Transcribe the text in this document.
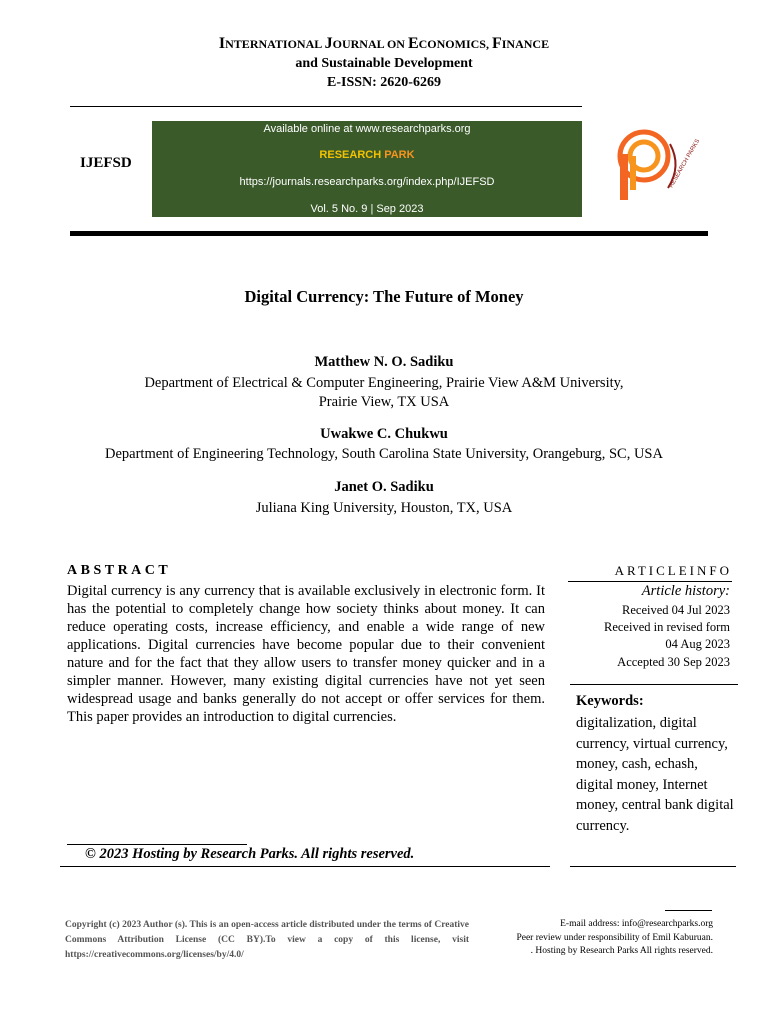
INTERNATIONAL JOURNAL ON ECONOMICS, FINANCE
and Sustainable Development
E-ISSN: 2620-6269
IJEFSD
Available online at www.researchparks.org
RESEARCH PARK
https://journals.researchparks.org/index.php/IJEFSD
Vol. 5 No. 9 | Sep 2023
RESEARCH PARKS
Digital Currency: The Future of Money
Matthew N. O. Sadiku
Department of Electrical & Computer Engineering, Prairie View A&M University,
Prairie View, TX USA
Uwakwe C. Chukwu
Department of Engineering Technology, South Carolina State University, Orangeburg, SC, USA
Janet O. Sadiku
Juliana King University, Houston, TX, USA
ABSTRACT
Digital currency is any currency that is available exclusively in electronic form. It has the potential to completely change how society thinks about money. It can reduce operating costs, increase efficiency, and enable a wide range of new applications. Digital currencies have become popular due to their convenient nature and for the fact that they allow users to transfer money quicker and in a simpler manner. However, many existing digital currencies have not yet seen widespread usage and banks generally do not accept or offer services for them. This paper provides an introduction to digital currencies.
ARTICLEINFO
Article history:
Received 04 Jul 2023
Received in revised form
04 Aug 2023
Accepted 30 Sep 2023
Keywords:
digitalization, digital currency, virtual currency, money, cash, echash, digital money, Internet money, central bank digital currency.
© 2023 Hosting by Research Parks. All rights reserved.
Copyright (c) 2023 Author (s). This is an open-access article distributed under the terms of Creative Commons Attribution License (CC BY).To view a copy of this license, visit https://creativecommons.org/licenses/by/4.0/
E-mail address: info@researchparks.org
Peer review under responsibility of Emil Kaburuan.
. Hosting by Research Parks All rights reserved.
